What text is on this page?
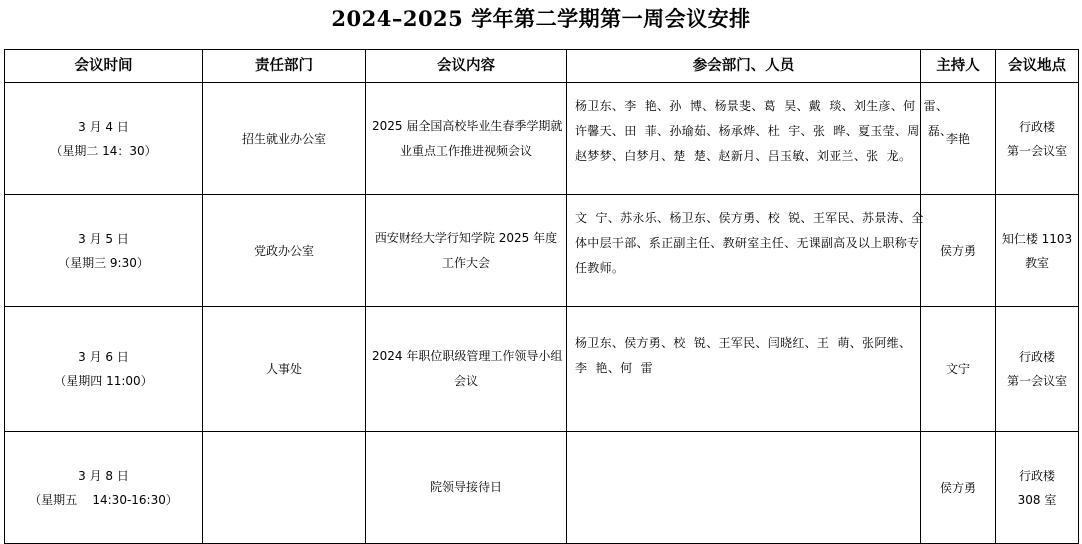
2024–2025 学年第二学期第一周会议安排
会议时间	责任部门	会议内容	参会部门、人员	主持人	会议地点

3 月 4 日
（星期二 14：30）	招生就业办公室	2025 届全国高校毕业生春季学期就
业重点工作推进视频会议	杨卫东、李  艳、孙  博、杨景斐、葛  昊、戴  琰、刘生彦、何  雷、
许馨天、田  菲、孙瑜茹、杨承烨、杜  宇、张  晔、夏玉莹、周  磊、
赵梦梦、白梦月、楚  楚、赵新月、吕玉敏、刘亚兰、张  龙。	李艳	行政楼
第一会议室

3 月 5 日
（星期三 9:30）	党政办公室	西安财经大学行知学院 2025 年度
工作大会	文  宁、苏永乐、杨卫东、侯方勇、校  锐、王军民、苏景涛、全
体中层干部、系正副主任、教研室主任、无课副高及以上职称专
任教师。	侯方勇	知仁楼 1103
教室

3 月 6 日
（星期四 11:00）	人事处	2024 年职位职级管理工作领导小组
会议	杨卫东、侯方勇、校  锐、王军民、闫晓红、王  萌、张阿维、
李  艳、何  雷	文宁	行政楼
第一会议室

3 月 8 日
（星期五    14:30-16:30）		院领导接待日		侯方勇	行政楼
308 室
